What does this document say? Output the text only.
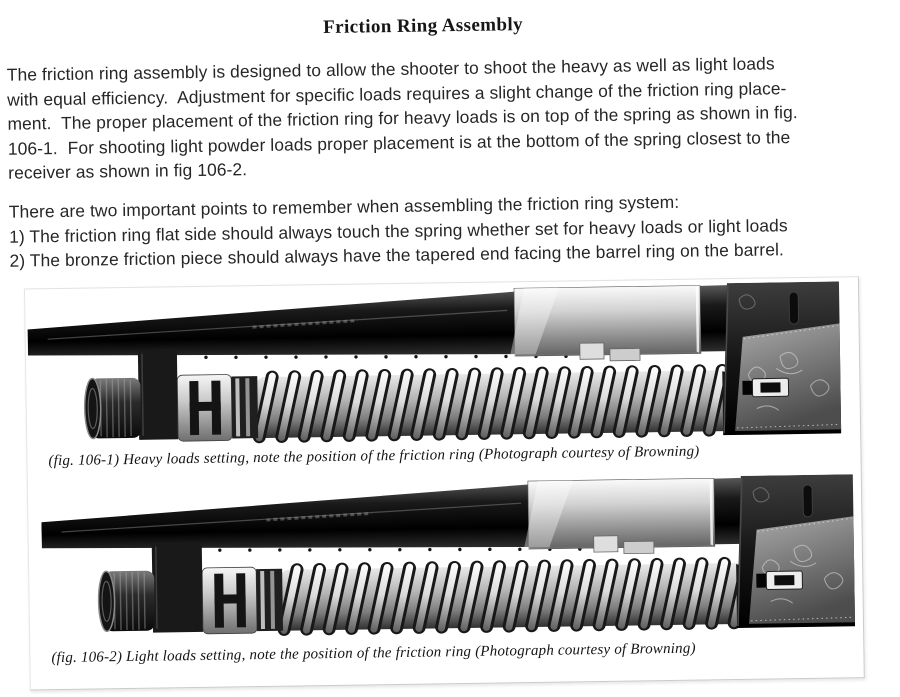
Friction Ring Assembly
The friction ring assembly is designed to allow the shooter to shoot the heavy as well as light loads
with equal efficiency.  Adjustment for specific loads requires a slight change of the friction ring place-
ment.  The proper placement of the friction ring for heavy loads is on top of the spring as shown in fig.
106-1.  For shooting light powder loads proper placement is at the bottom of the spring closest to the
receiver as shown in fig 106-2.
There are two important points to remember when assembling the friction ring system:
1) The friction ring flat side should always touch the spring whether set for heavy loads or light loads
2) The bronze friction piece should always have the tapered end facing the barrel ring on the barrel.
(fig. 106-1) Heavy loads setting, note the position of the friction ring (Photograph courtesy of Browning)
(fig. 106-2) Light loads setting, note the position of the friction ring (Photograph courtesy of Browning)
